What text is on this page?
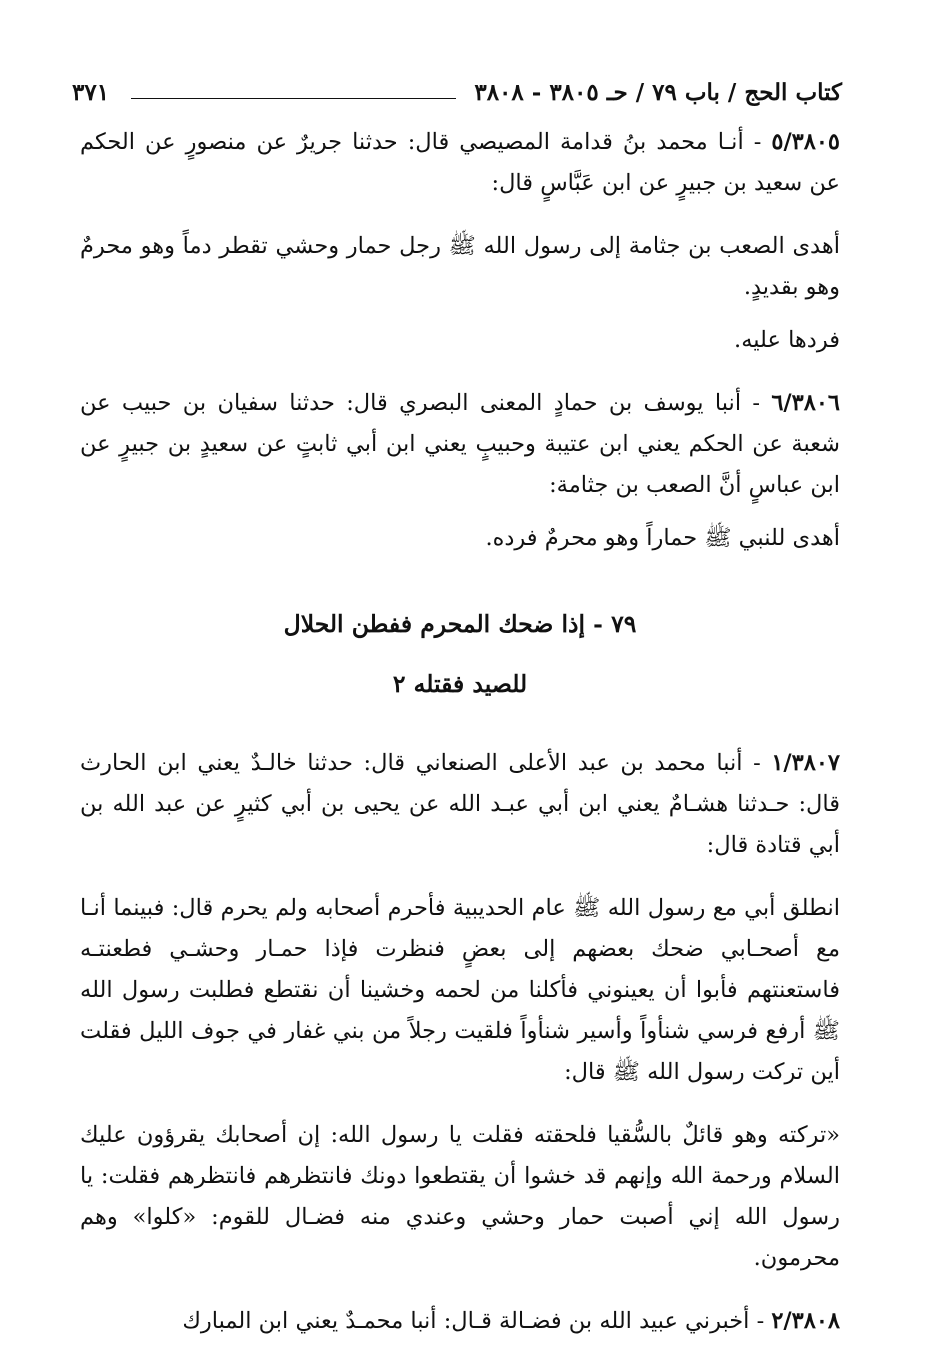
كتاب الحج / باب ٧٩ / حـ ٣٨٠٥ - ٣٨٠٨
٣٧١

٥/٣٨٠٥ - أنـا محمد بنُ قدامة المصيصي قال: حدثنا جريرٌ عن منصورٍ عن الحكم عن سعيد بن جبيرٍ عن ابن عَبَّاسٍ قال:

أهدى الصعب بن جثامة إلى رسول الله ﷺ رجل حمار وحشي تقطر دماً وهو محرمٌ وهو بقديدٍ.

فردها عليه.

٦/٣٨٠٦ - أنبا يوسف بن حمادٍ المعنى البصري قال: حدثنا سفيان بن حبيب عن شعبة عن الحكم يعني ابن عتيبة وحبيبٍ يعني ابن أبي ثابتٍ عن سعيدٍ بن جبيرٍ عن ابن عباسٍ أنَّ الصعب بن جثامة:

أهدى للنبي ﷺ حماراً وهو محرمٌ فرده.

٧٩ - إذا ضحك المحرم ففطن الحلال

للصيد فقتله ٢

١/٣٨٠٧ - أنبا محمد بن عبد الأعلى الصنعاني قال: حدثنا خالـدٌ يعني ابن الحارث قال: حـدثنا هشـامٌ يعني ابن أبي عبـد الله عن يحيى بن أبي كثيرٍ عن عبد الله بن أبي قتادة قال:

انطلق أبي مع رسول الله ﷺ عام الحديبية فأحرم أصحابه ولم يحرم قال: فبينما أنـا مع أصحـابي ضحك بعضهم إلى بعضٍ فنظرت فإذا حمـار وحشـي فطعنتـه فاستعنتهم فأبوا أن يعينوني فأكلنا من لحمه وخشينا أن نقتطع فطلبت رسول الله ﷺ أرفع فرسي شنأواً وأسير شنأواً فلقيت رجلاً من بني غفار في جوف الليل فقلت أين تركت رسول الله ﷺ قال:

«تركته وهو قائلٌ بالسُّقيا فلحقته فقلت يا رسول الله: إن أصحابك يقرؤون عليك السلام ورحمة الله وإنهم قد خشوا أن يقتطعوا دونك فانتظرهم فانتظرهم فقلت: يا رسول الله إني أصبت حمار وحشي وعندي منه فضـال للقوم: «كلوا» وهم محرمون.

٢/٣٨٠٨ - أخبرني عبيد الله بن فضـالة قـال: أنبا محمـدٌ يعني ابن المبارك
